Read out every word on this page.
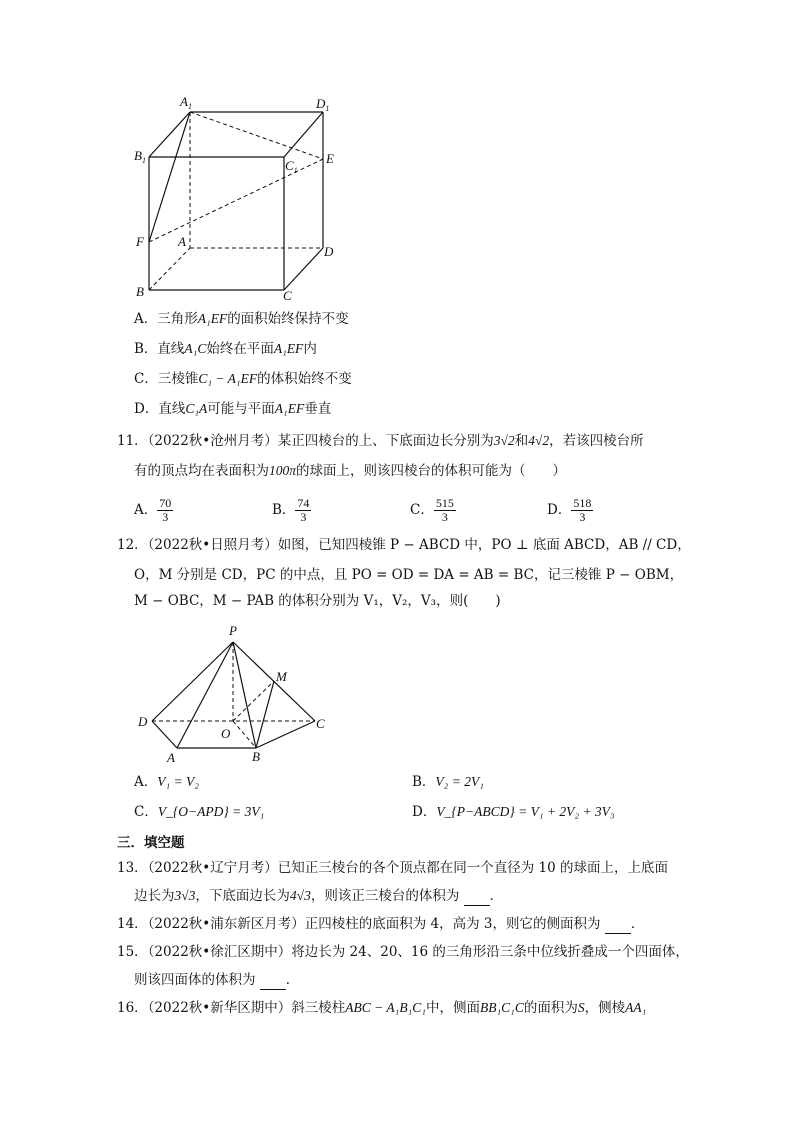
$A_1$	$D_1$
$B_1$	$C_1$
E
F	A
D
B	C
A．三角形A₁EF的面积始终保持不变
B．直线A₁C始终在平面A₁EF内
C．三棱锥C₁ − A₁EF的体积始终不变
D．直线C₁A可能与平面A₁EF垂直
11．（2022秋•沧州月考）某正四棱台的上、下底面边长分别为3√2和4√2，若该四棱台所
有的顶点均在表面积为100π的球面上，则该四棱台的体积可能为（　　）
A． $\frac{70}{3}$	B． $\frac{74}{3}$	C． $\frac{515}{3}$	D． $\frac{518}{3}$
12．（2022秋•日照月考）如图，已知四棱锥 P − ABCD 中，PO ⊥ 底面 ABCD，AB // CD，
O，M 分别是 CD，PC 的中点，且 PO = OD = DA = AB = BC，记三棱锥 P − OBM，
M − OBC，M − PAB 的体积分别为 V₁，V₂，V₃，则(　　)
P
M
D	C
O
A	B
A．V₁ = V₂	B．V₂ = 2V₁
C．V_{O−APD} = 3V₁	D．V_{P−ABCD} = V₁ + 2V₂ + 3V₃
三．填空题
13．（2022秋•辽宁月考）已知正三棱台的各个顶点都在同一个直径为 10 的球面上，上底面
边长为3√3，下底面边长为4√3，则该正三棱台的体积为 ．
14．（2022秋•浦东新区月考）正四棱柱的底面积为 4，高为 3，则它的侧面积为 ．
15．（2022秋•徐汇区期中）将边长为 24、20、16 的三角形沿三条中位线折叠成一个四面体，
则该四面体的体积为 ．
16．（2022秋•新华区期中）斜三棱柱ABC − A₁B₁C₁中，侧面BB₁C₁C的面积为S，侧棱AA₁
